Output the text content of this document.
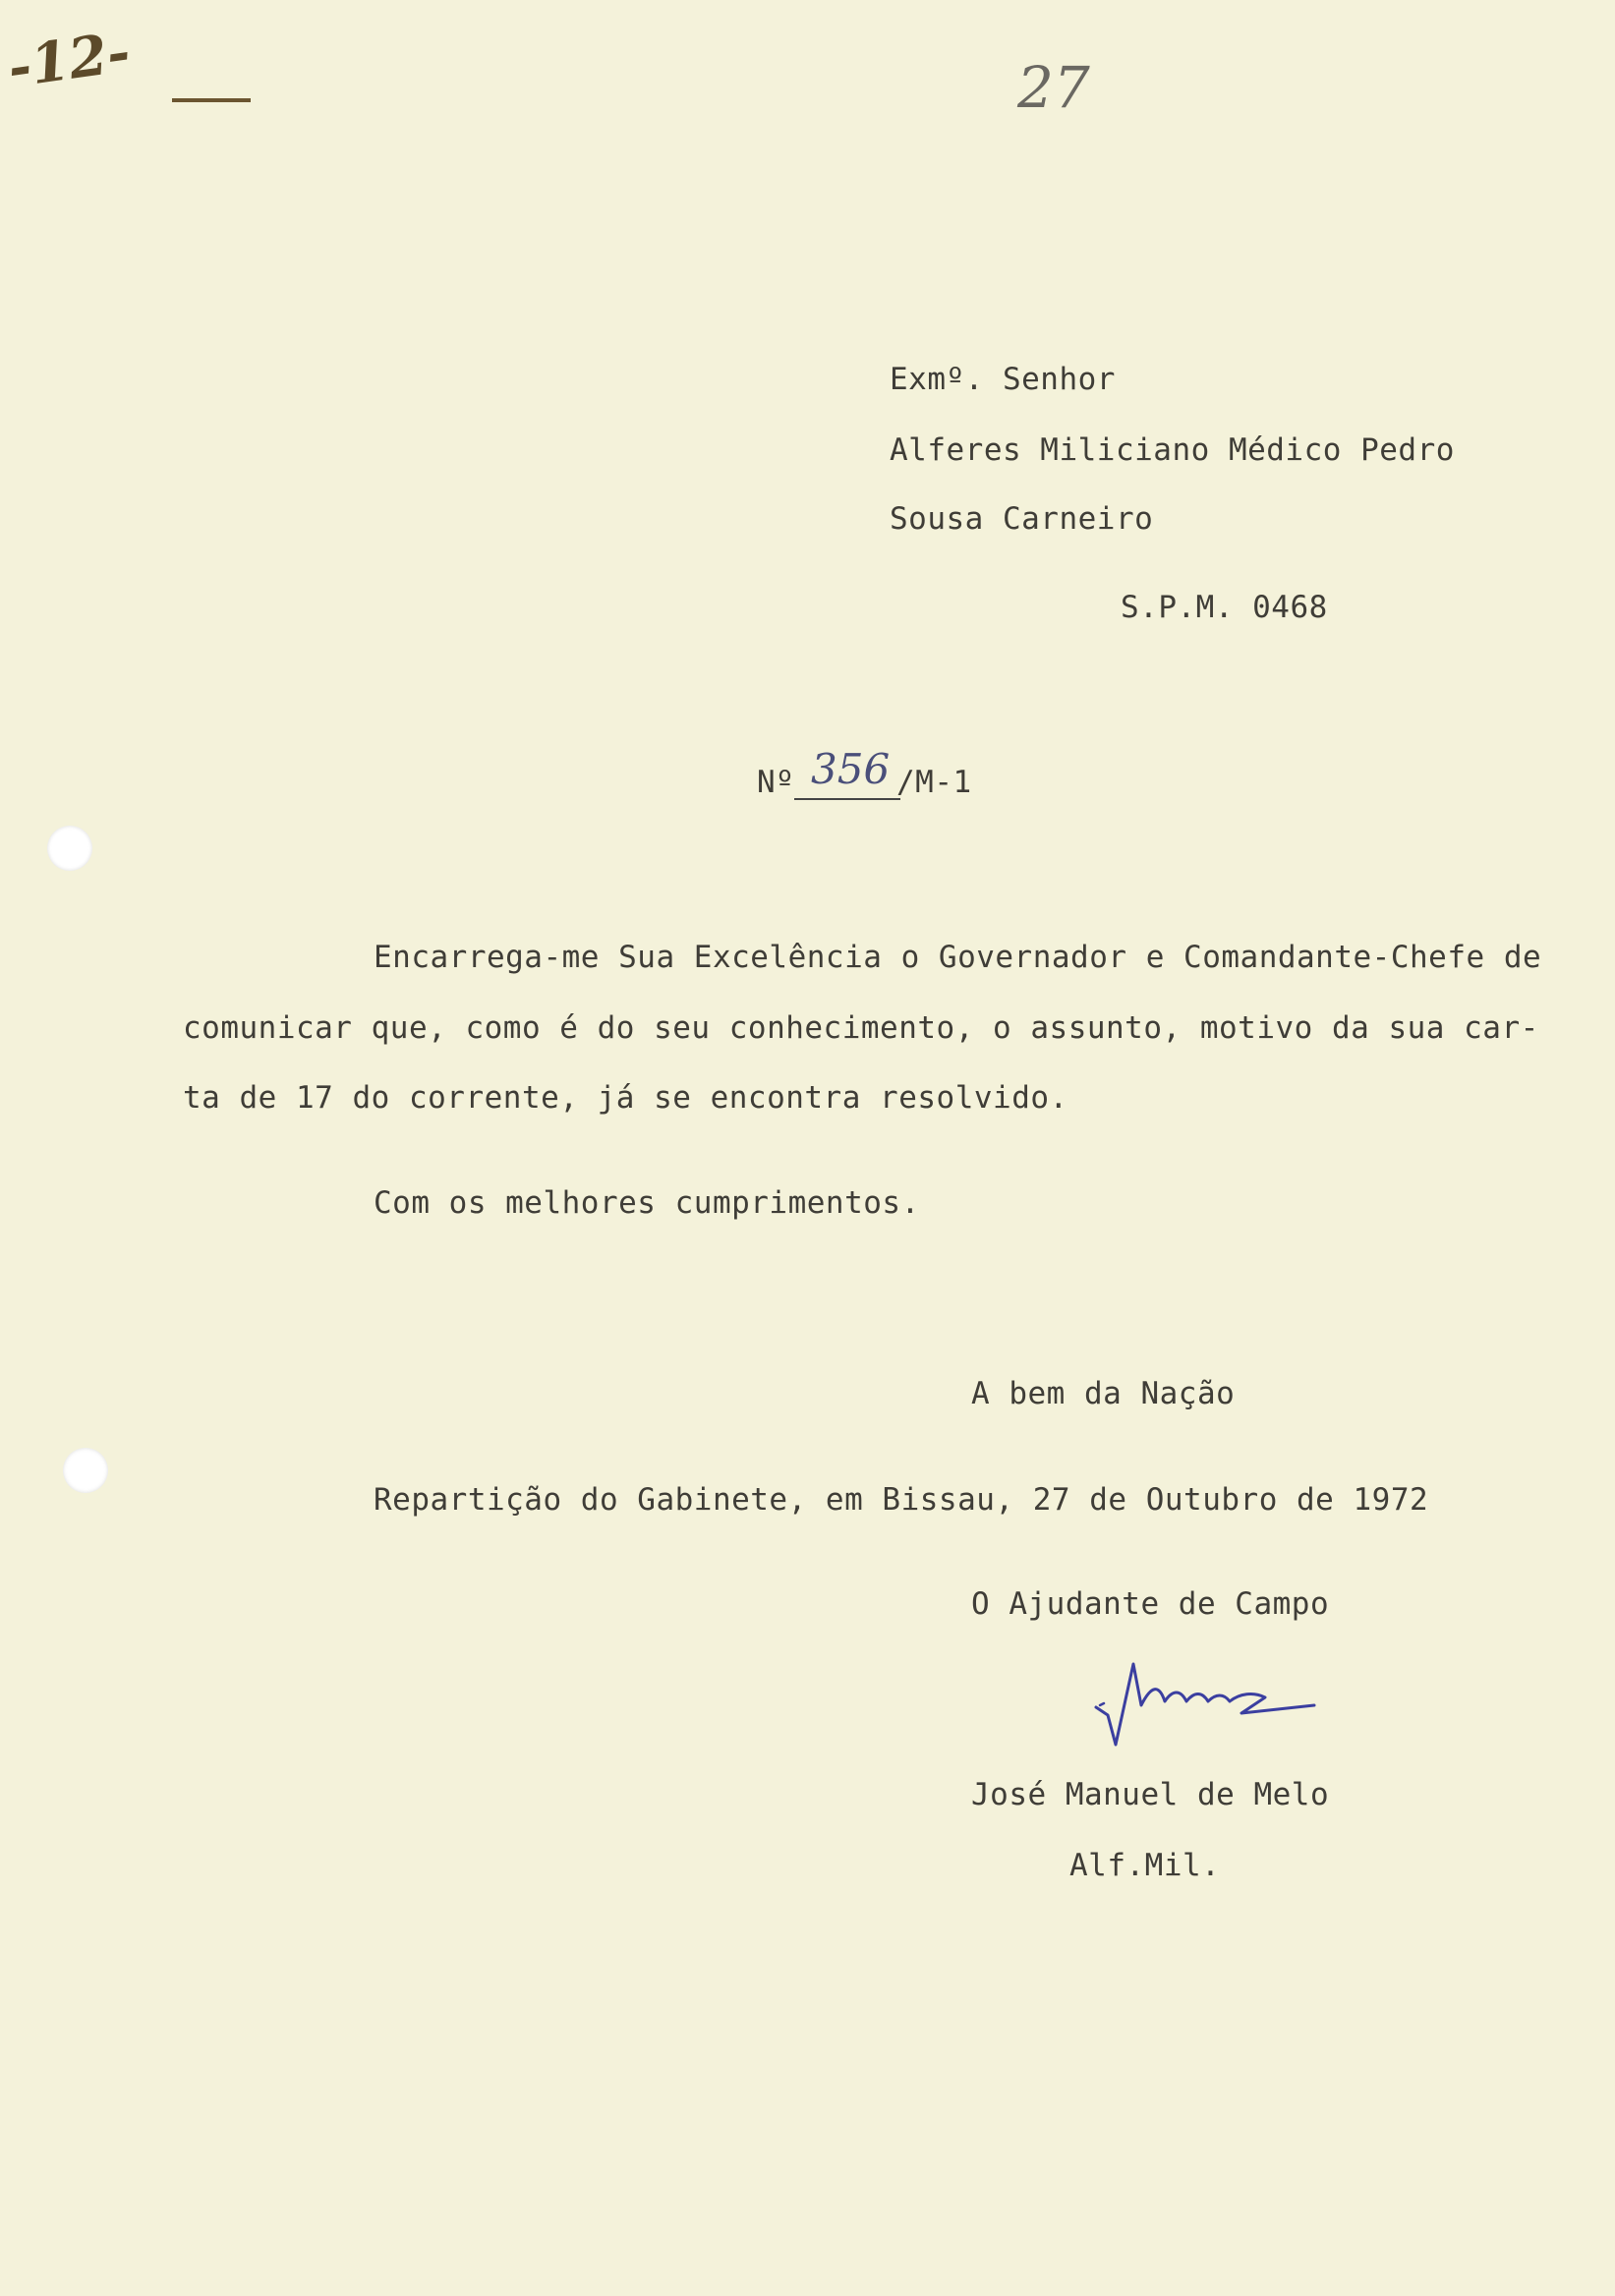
-12-	27
Exmº. Senhor
Alferes Miliciano Médico Pedro
Sousa Carneiro
S.P.M. 0468
Nº 356 /M-1
Encarrega-me Sua Excelência o Governador e Comandante-Chefe de
comunicar que, como é do seu conhecimento, o assunto, motivo da sua car-
ta de 17 do corrente, já se encontra resolvido.
Com os melhores cumprimentos.
A bem da Nação
Repartição do Gabinete, em Bissau, 27 de Outubro de 1972
O Ajudante de Campo
José Manuel de Melo
Alf.Mil.
